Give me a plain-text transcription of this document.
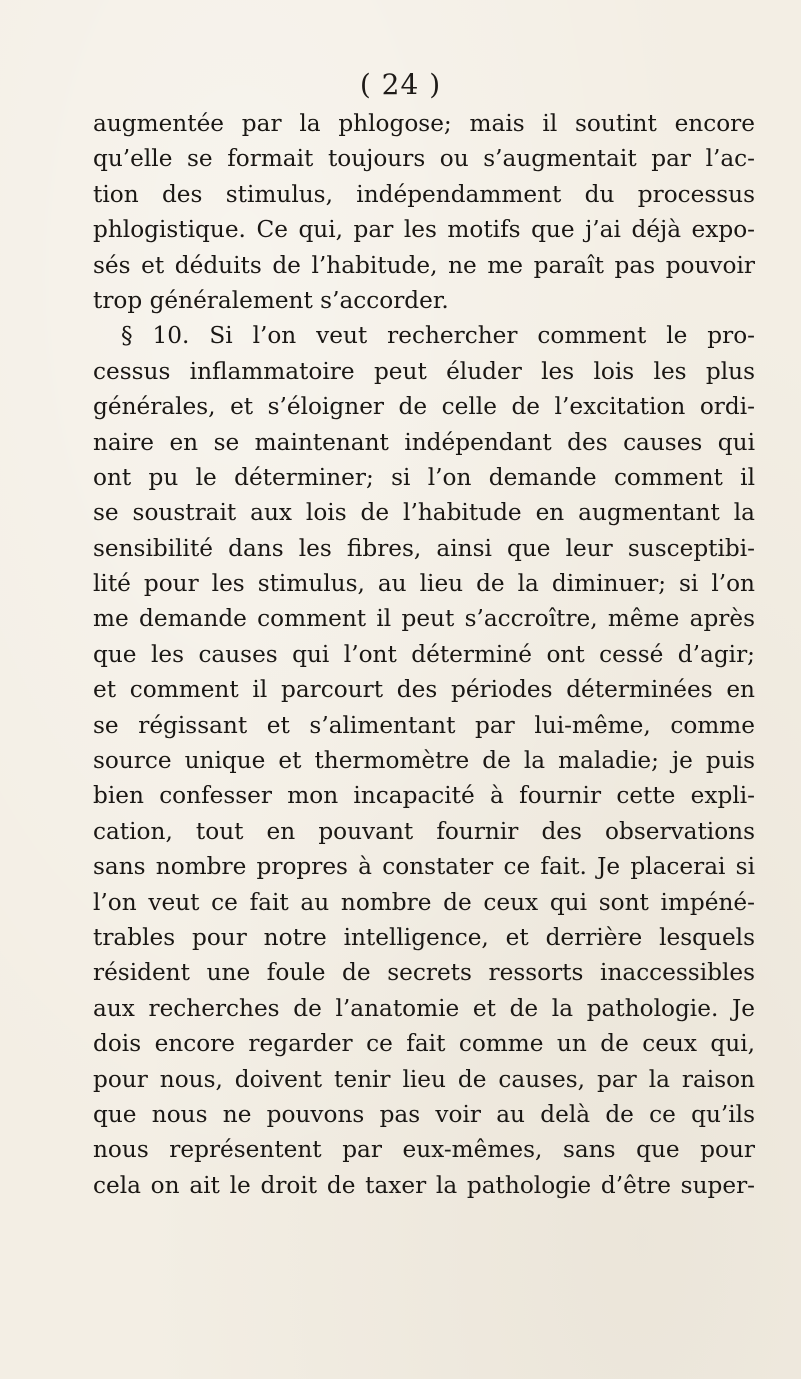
( 24 )
augmentée par la phlogose; mais il soutint encore
qu’elle se formait toujours ou s’augmentait par l’ac-
tion des stimulus, indépendamment du processus
phlogistique. Ce qui, par les motifs que j’ai déjà expo-
sés et déduits de l’habitude, ne me paraît pas pouvoir
trop généralement s’accorder.
§ 10. Si l’on veut rechercher comment le pro-
cessus inflammatoire peut éluder les lois les plus
générales, et s’éloigner de celle de l’excitation ordi-
naire en se maintenant indépendant des causes qui
ont pu le déterminer; si l’on demande comment il
se soustrait aux lois de l’habitude en augmentant la
sensibilité dans les fibres, ainsi que leur susceptibi-
lité pour les stimulus, au lieu de la diminuer; si l’on
me demande comment il peut s’accroître, même après
que les causes qui l’ont déterminé ont cessé d’agir;
et comment il parcourt des périodes déterminées en
se régissant et s’alimentant par lui-même, comme
source unique et thermomètre de la maladie; je puis
bien confesser mon incapacité à fournir cette expli-
cation, tout en pouvant fournir des observations
sans nombre propres à constater ce fait. Je placerai si
l’on veut ce fait au nombre de ceux qui sont impéné-
trables pour notre intelligence, et derrière lesquels
résident une foule de secrets ressorts inaccessibles
aux recherches de l’anatomie et de la pathologie. Je
dois encore regarder ce fait comme un de ceux qui,
pour nous, doivent tenir lieu de causes, par la raison
que nous ne pouvons pas voir au delà de ce qu’ils
nous représentent par eux-mêmes, sans que pour
cela on ait le droit de taxer la pathologie d’être super-
